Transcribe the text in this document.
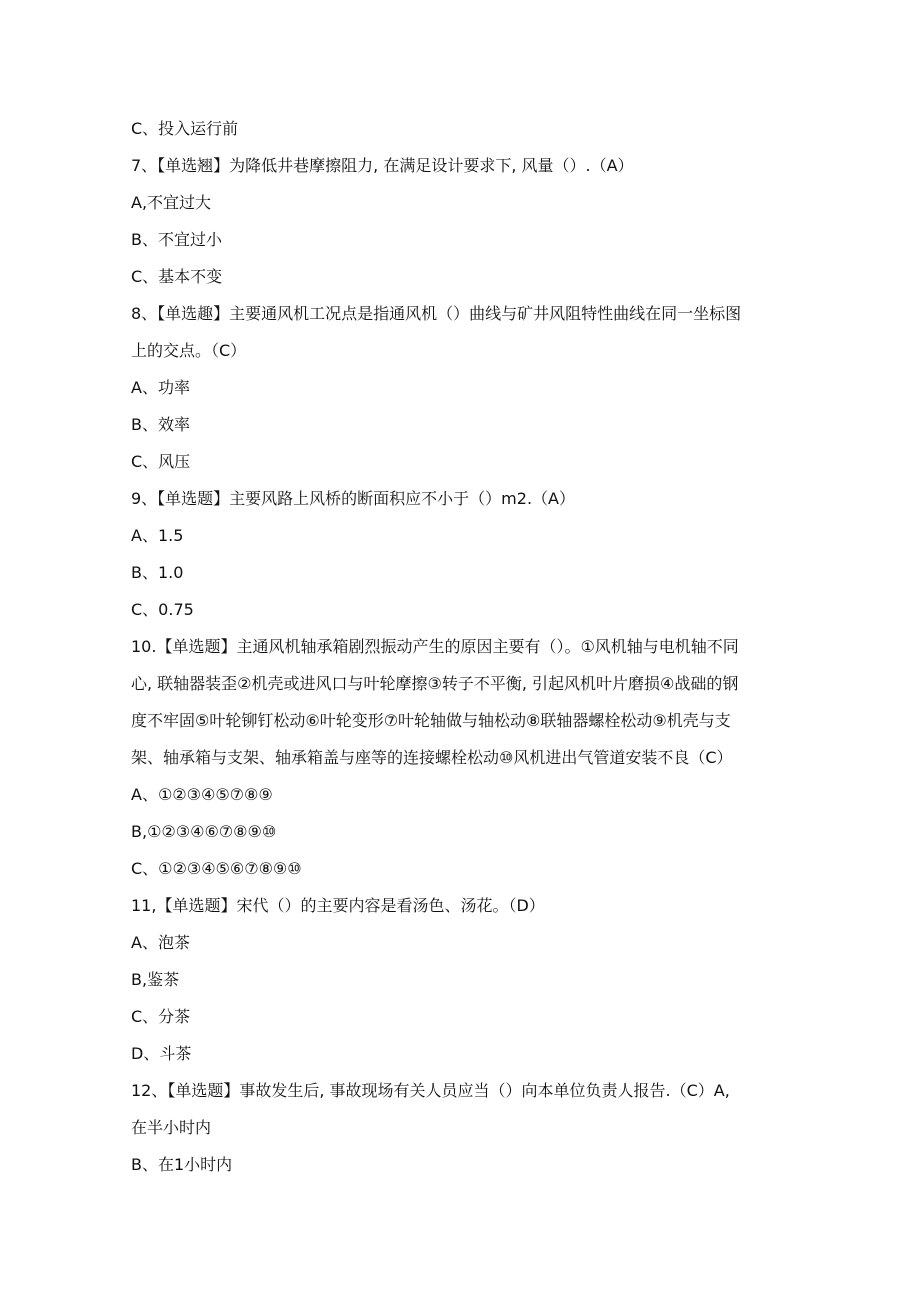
C、投入运行前
7、【单选翘】为降低井巷摩擦阻力, 在满足设计要求下, 风量（）.（A）
A,不宜过大
B、不宜过小
C、基本不变
8、【单选趣】主要通风机工况点是指通风机（）曲线与矿井风阻特性曲线在同一坐标图
上的交点。（C）
A、功率
B、效率
C、风压
9、【单选题】主要风路上风桥的断面积应不小于（）m2.（A）
A、1.5
B、1.0
C、0.75
10.【单选题】主通风机轴承箱剧烈振动产生的原因主要有（）。①风机轴与电机轴不同
心, 联轴器装歪②机壳或进风口与叶轮摩擦③转子不平衡, 引起风机叶片磨损④战础的钢
度不牢固⑤叶轮铆钉松动⑥叶轮变形⑦叶轮轴做与轴松动⑧联轴器螺栓松动⑨机壳与支
架、轴承箱与支架、轴承箱盖与座等的连接螺栓松动⑩风机进出气管道安装不良（C）
A、①②③④⑤⑦⑧⑨
B,①②③④⑥⑦⑧⑨⑩
C、①②③④⑤⑥⑦⑧⑨⑩
11,【单选题】宋代（）的主要内容是看汤色、汤花。（D）
A、泡茶
B,鉴茶
C、分茶
D、斗茶
12、【单选题】事故发生后, 事故现场有关人员应当（）向本单位负责人报告.（C）A,
在半小时内
B、在1小时内
